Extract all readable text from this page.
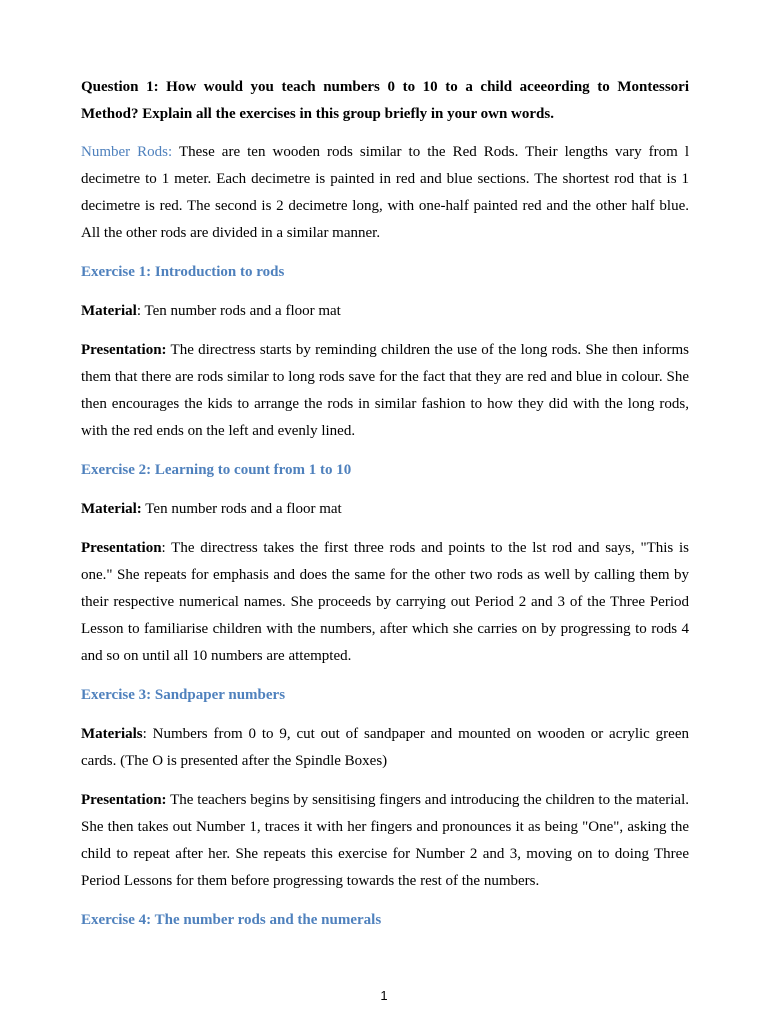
Question 1: How would you teach numbers 0 to 10 to a child aceeording to Montessori Method? Explain all the exercises in this group briefly in your own words.

Number Rods: These are ten wooden rods similar to the Red Rods. Their lengths vary from l decimetre to 1 meter. Each decimetre is painted in red and blue sections. The shortest rod that is 1 decimetre is red. The second is 2 decimetre long, with one-half painted red and the other half blue. All the other rods are divided in a similar manner.

Exercise 1: Introduction to rods

Material: Ten number rods and a floor mat

Presentation: The directress starts by reminding children the use of the long rods. She then informs them that there are rods similar to long rods save for the fact that they are red and blue in colour. She then encourages the kids to arrange the rods in similar fashion to how they did with the long rods, with the red ends on the left and evenly lined.

Exercise 2: Learning to count from 1 to 10

Material: Ten number rods and a floor mat

Presentation: The directress takes the first three rods and points to the lst rod and says, "This is one." She repeats for emphasis and does the same for the other two rods as well by calling them by their respective numerical names. She proceeds by carrying out Period 2 and 3 of the Three Period Lesson to familiarise children with the numbers, after which she carries on by progressing to rods 4 and so on until all 10 numbers are attempted.

Exercise 3: Sandpaper numbers

Materials: Numbers from 0 to 9, cut out of sandpaper and mounted on wooden or acrylic green cards. (The O is presented after the Spindle Boxes)

Presentation: The teachers begins by sensitising fingers and introducing the children to the material. She then takes out Number 1, traces it with her fingers and pronounces it as being "One", asking the child to repeat after her. She repeats this exercise for Number 2 and 3, moving on to doing Three Period Lessons for them before progressing towards the rest of the numbers.

Exercise 4: The number rods and the numerals
1
